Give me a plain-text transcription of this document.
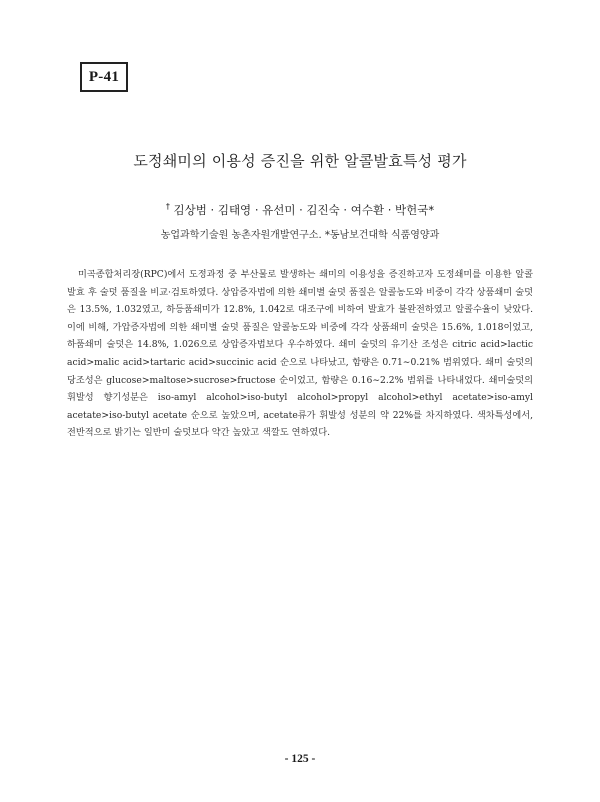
P-41
도정쇄미의 이용성 증진을 위한 알콜발효특성 평가
† 김상범 · 김태영 · 유선미 · 김진숙 · 여수환 · 박헌국*
농업과학기술원 농촌자원개발연구소. *동남보건대학 식품영양과

미곡종합처리장(RPC)에서 도정과정 중 부산물로 발생하는 쇄미의 이용성을 증진하고자 도정쇄미를 이용한 알콜발효 후 술덧 품질을 비교·검토하였다. 상압증자법에 의한 쇄미별 술덧 품질은 알콜농도와 비중이 각각 상품쇄미 술덧은 13.5%, 1.032였고, 하등품쇄미가 12.8%, 1.042로 대조구에 비하여 발효가 불완전하였고 알콜수율이 낮았다. 이에 비해, 가압증자법에 의한 쇄미별 술덧 품질은 알콜농도와 비중에 각각 상품쇄미 술덧은 15.6%, 1.018이었고, 하품쇄미 술덧은 14.8%, 1.026으로 상압증자법보다 우수하였다. 쇄미 술덧의 유기산 조성은 citric acid>lactic acid>malic acid>tartaric acid>succinic acid 순으로 나타났고, 함량은 0.71∼0.21% 범위였다. 쇄미 술덧의 당조성은 glucose>maltose>sucrose>fructose 순이었고, 함량은 0.16∼2.2% 범위를 나타내었다. 쇄미술덧의 휘발성 향기성분은 iso-amyl alcohol>iso-butyl alcohol>propyl alcohol>ethyl acetate>iso-amyl acetate>iso-butyl acetate 순으로 높았으며, acetate류가 휘발성 성분의 약 22%를 차지하였다. 색차특성에서, 전반적으로 밝기는 일반미 술덧보다 약간 높았고 색깔도 연하였다.

- 125 -
